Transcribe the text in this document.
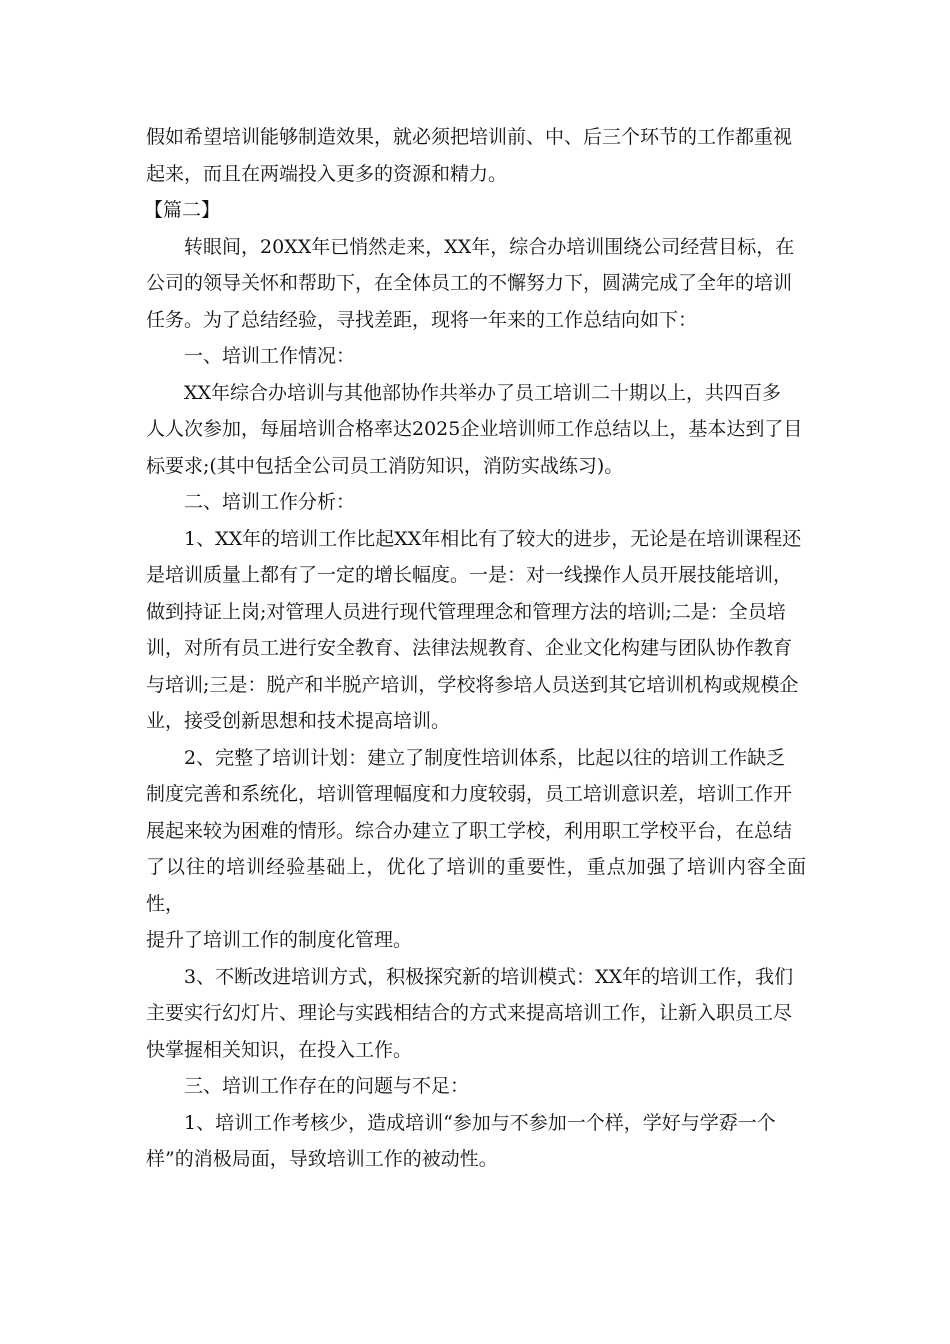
假如希望培训能够制造效果，就必须把培训前、中、后三个环节的工作都重视
起来，而且在两端投入更多的资源和精力。

【篇二】

转眼间，20XX年已悄然走来，XX年，综合办培训围绕公司经营目标，在
公司的领导关怀和帮助下，在全体员工的不懈努力下，圆满完成了全年的培训
任务。为了总结经验，寻找差距，现将一年来的工作总结向如下：

一、培训工作情况：

XX年综合办培训与其他部协作共举办了员工培训二十期以上，共四百多
人人次参加，每届培训合格率达2025企业培训师工作总结以上，基本达到了目
标要求;(其中包括全公司员工消防知识，消防实战练习)。

二、培训工作分析：

1、XX年的培训工作比起XX年相比有了较大的进步，无论是在培训课程还
是培训质量上都有了一定的增长幅度。一是：对一线操作人员开展技能培训，
做到持证上岗;对管理人员进行现代管理理念和管理方法的培训;二是：全员培
训，对所有员工进行安全教育、法律法规教育、企业文化构建与团队协作教育
与培训;三是：脱产和半脱产培训，学校将参培人员送到其它培训机构或规模企
业，接受创新思想和技术提高培训。

2、完整了培训计划：建立了制度性培训体系，比起以往的培训工作缺乏
制度完善和系统化，培训管理幅度和力度较弱，员工培训意识差，培训工作开
展起来较为困难的情形。综合办建立了职工学校，利用职工学校平台，在总结
了以往的培训经验基础上，优化了培训的重要性，重点加强了培训内容全面性，
提升了培训工作的制度化管理。

3、不断改进培训方式，积极探究新的培训模式：XX年的培训工作，我们
主要实行幻灯片、理论与实践相结合的方式来提高培训工作，让新入职员工尽
快掌握相关知识，在投入工作。

三、培训工作存在的问题与不足：

1、培训工作考核少，造成培训“参加与不参加一个样，学好与学孬一个
样”的消极局面，导致培训工作的被动性。
